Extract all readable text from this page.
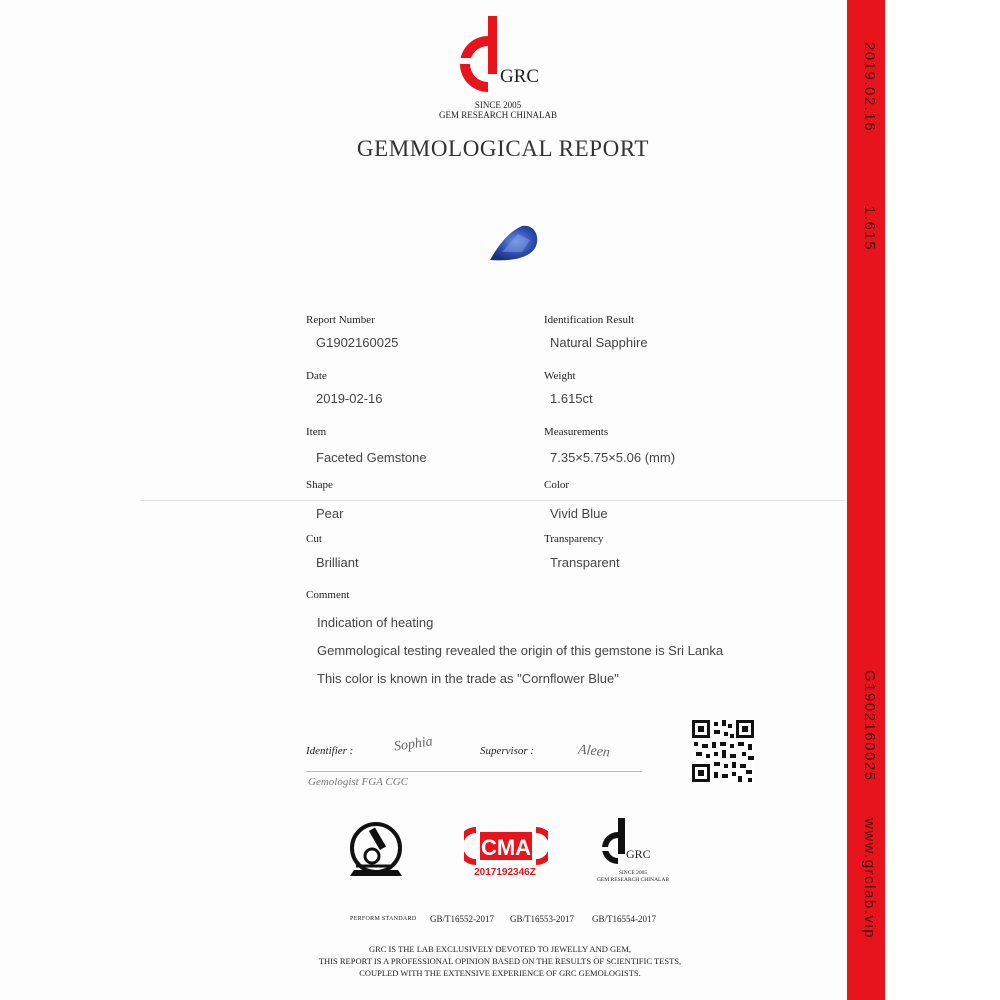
2019.02.16
1.615
G1902160025
www.grclab.vip
GRC
SINCE 2005
GEM RESEARCH CHINALAB
GEMMOLOGICAL REPORT
Report Number
G1902160025
Identification Result
Natural Sapphire
Date
2019-02-16
Weight
1.615ct
Item
Faceted Gemstone
Measurements
7.35×5.75×5.06 (mm)
Shape
Pear
Color
Vivid Blue
Cut
Brilliant
Transparency
Transparent
Comment
Indication of heating
Gemmological testing revealed the origin of this gemstone is Sri Lanka
This color is known in the trade as "Cornflower Blue"
Identifier :	Sophia	Supervisor :	Aleen
Gemologist FGA CGC
CMA
2017192346Z
GRC
SINCE 2005
GEM RESEARCH CHINALAB
PERFORM STANDARD GB/T16552-2017 GB/T16553-2017 GB/T16554-2017
GRC IS THE LAB EXCLUSIVELY DEVOTED TO JEWELLY AND GEM,
THIS REPORT IS A PROFESSIONAL OPINION BASED ON THE RESULTS OF SCIENTIFIC TESTS,
COUPLED WITH THE EXTENSIVE EXPERIENCE OF GRC GEMOLOGISTS.
